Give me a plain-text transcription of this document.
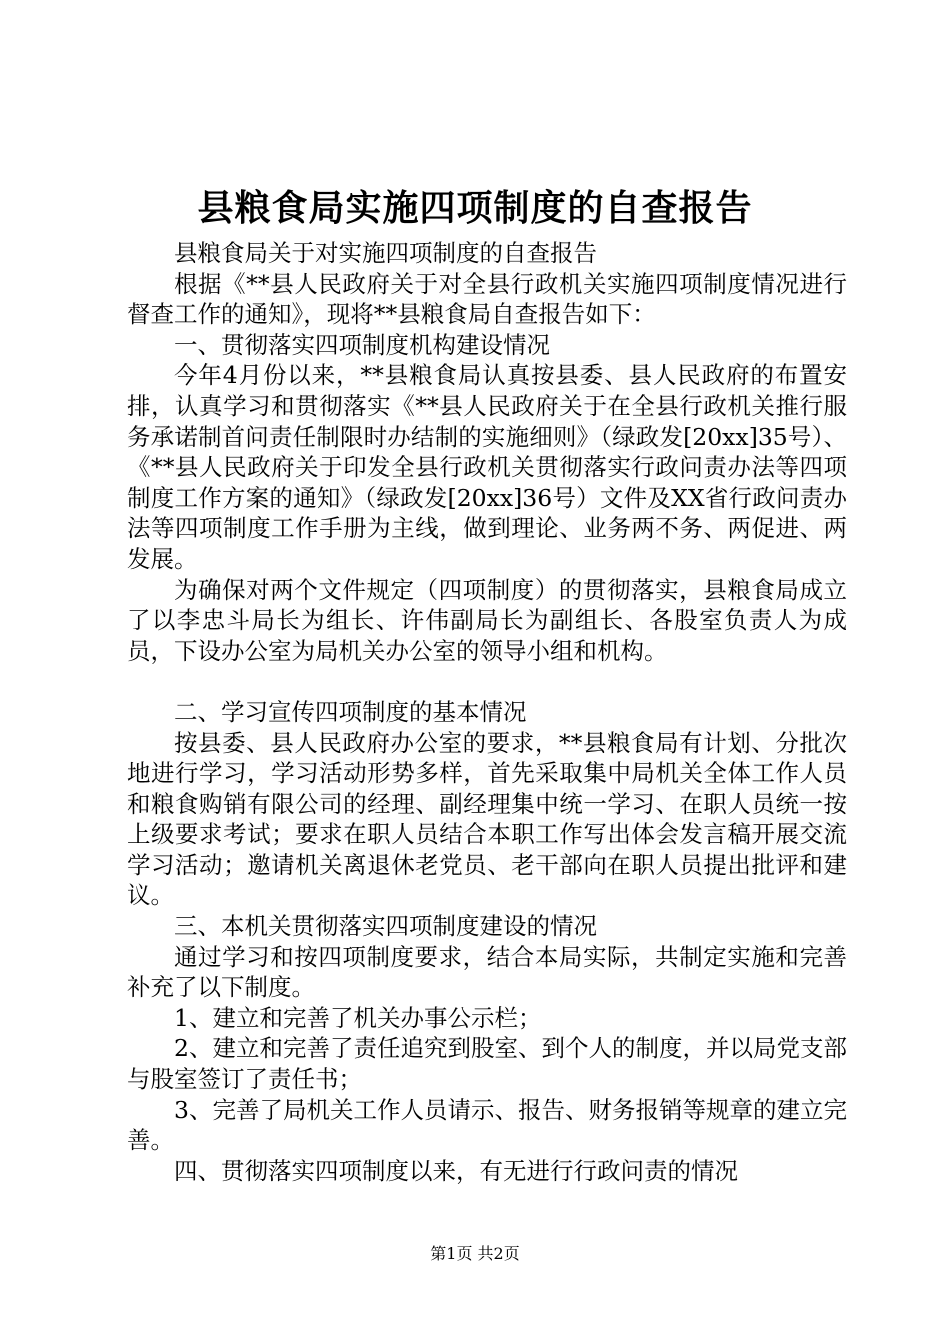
县粮食局实施四项制度的自查报告

县粮食局关于对实施四项制度的自查报告

根据《**县人民政府关于对全县行政机关实施四项制度情况进行督查工作的通知》，现将**县粮食局自查报告如下：

一、贯彻落实四项制度机构建设情况

今年4月份以来，**县粮食局认真按县委、县人民政府的布置安排，认真学习和贯彻落实《**县人民政府关于在全县行政机关推行服务承诺制首问责任制限时办结制的实施细则》（绿政发[20xx]35号）、《**县人民政府关于印发全县行政机关贯彻落实行政问责办法等四项制度工作方案的通知》（绿政发[20xx]36号）文件及XX省行政问责办法等四项制度工作手册为主线，做到理论、业务两不务、两促进、两发展。

为确保对两个文件规定（四项制度）的贯彻落实，县粮食局成立了以李忠斗局长为组长、许伟副局长为副组长、各股室负责人为成员，下设办公室为局机关办公室的领导小组和机构。

二、学习宣传四项制度的基本情况

按县委、县人民政府办公室的要求，**县粮食局有计划、分批次地进行学习，学习活动形势多样，首先采取集中局机关全体工作人员和粮食购销有限公司的经理、副经理集中统一学习、在职人员统一按上级要求考试；要求在职人员结合本职工作写出体会发言稿开展交流学习活动；邀请机关离退休老党员、老干部向在职人员提出批评和建议。

三、本机关贯彻落实四项制度建设的情况

通过学习和按四项制度要求，结合本局实际，共制定实施和完善补充了以下制度。

1、建立和完善了机关办事公示栏；

2、建立和完善了责任追究到股室、到个人的制度，并以局党支部与股室签订了责任书；

3、完善了局机关工作人员请示、报告、财务报销等规章的建立完善。

四、贯彻落实四项制度以来，有无进行行政问责的情况

第1页 共2页
